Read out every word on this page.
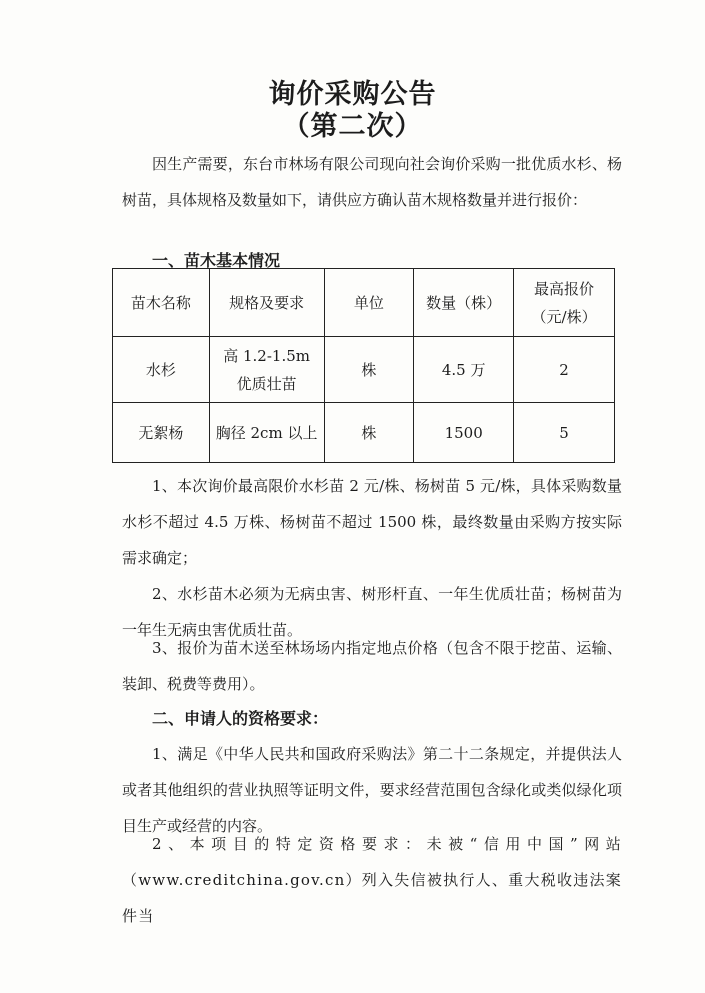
询价采购公告
（第二次）

因生产需要，东台市林场有限公司现向社会询价采购一批优质水杉、杨树苗，具体规格及数量如下，请供应方确认苗木规格数量并进行报价：

一、苗木基本情况

苗木名称	规格及要求	单位	数量（株）	最高报价（元/株）
水杉	高 1.2-1.5m 优质壮苗	株	4.5 万	2
无絮杨	胸径 2cm 以上	株	1500	5

1、本次询价最高限价水杉苗 2 元/株、杨树苗 5 元/株，具体采购数量水杉不超过 4.5 万株、杨树苗不超过 1500 株，最终数量由采购方按实际需求确定；

2、水杉苗木必须为无病虫害、树形杆直、一年生优质壮苗；杨树苗为一年生无病虫害优质壮苗。

3、报价为苗木送至林场场内指定地点价格（包含不限于挖苗、运输、装卸、税费等费用）。

二、申请人的资格要求：

1、满足《中华人民共和国政府采购法》第二十二条规定，并提供法人或者其他组织的营业执照等证明文件，要求经营范围包含绿化或类似绿化项目生产或经营的内容。

2、本项目的特定资格要求：未被“信用中国”网站（www.creditchina.gov.cn）列入失信被执行人、重大税收违法案件当
